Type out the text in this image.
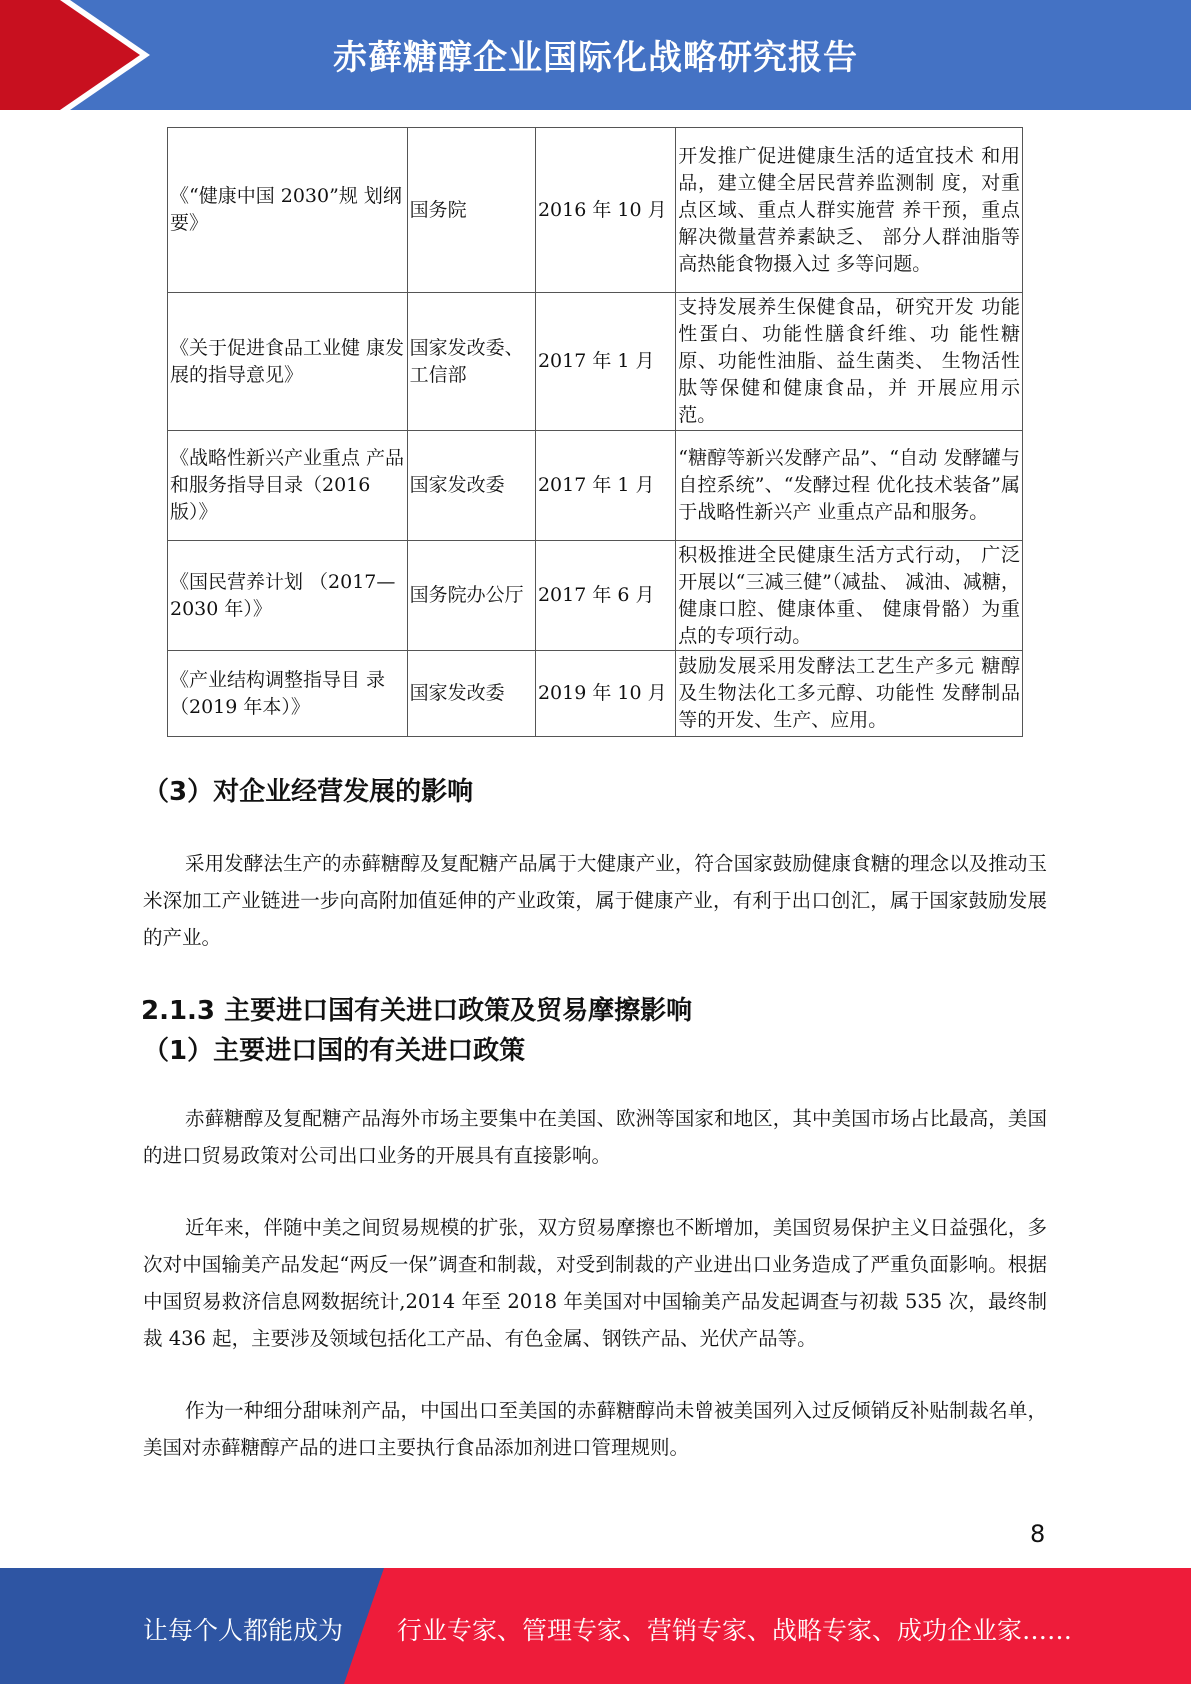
赤藓糖醇企业国际化战略研究报告
《“健康中国 2030”规 划纲要》	国务院	2016 年 10 月	开发推广促进健康生活的适宜技术 和用品，建立健全居民营养监测制 度，对重点区域、重点人群实施营 养干预，重点解决微量营养素缺乏、 部分人群油脂等高热能食物摄入过 多等问题。
《关于促进食品工业健 康发展的指导意见》	国家发改委、工信部	2017 年 1 月	支持发展养生保健食品，研究开发 功能性蛋白、功能性膳食纤维、功 能性糖原、功能性油脂、益生菌类、 生物活性肽等保健和健康食品，并 开展应用示范。
《战略性新兴产业重点 产品和服务指导目录（2016 版）》	国家发改委	2017 年 1 月	“糖醇等新兴发酵产品”、“自动 发酵罐与自控系统”、“发酵过程 优化技术装备”属于战略性新兴产 业重点产品和服务。
《国民营养计划 （2017—2030 年）》	国务院办公厅	2017 年 6 月	积极推进全民健康生活方式行动， 广泛开展以“三减三健”（减盐、 减油、减糖，健康口腔、健康体重、 健康骨骼）为重点的专项行动。
《产业结构调整指导目 录（2019 年本）》	国家发改委	2019 年 10 月	鼓励发展采用发酵法工艺生产多元 糖醇及生物法化工多元醇、功能性 发酵制品等的开发、生产、应用。
（3）对企业经营发展的影响
采用发酵法生产的赤藓糖醇及复配糖产品属于大健康产业，符合国家鼓励健康食糖的理念以及推动玉米深加工产业链进一步向高附加值延伸的产业政策，属于健康产业，有利于出口创汇，属于国家鼓励发展的产业。
2.1.3 主要进口国有关进口政策及贸易摩擦影响
（1）主要进口国的有关进口政策
赤藓糖醇及复配糖产品海外市场主要集中在美国、欧洲等国家和地区，其中美国市场占比最高，美国的进口贸易政策对公司出口业务的开展具有直接影响。
近年来，伴随中美之间贸易规模的扩张，双方贸易摩擦也不断增加，美国贸易保护主义日益强化，多次对中国输美产品发起“两反一保”调查和制裁，对受到制裁的产业进出口业务造成了严重负面影响。根据中国贸易救济信息网数据统计,2014 年至 2018 年美国对中国输美产品发起调查与初裁 535 次，最终制裁 436 起，主要涉及领域包括化工产品、有色金属、钢铁产品、光伏产品等。
作为一种细分甜味剂产品，中国出口至美国的赤藓糖醇尚未曾被美国列入过反倾销反补贴制裁名单，美国对赤藓糖醇产品的进口主要执行食品添加剂进口管理规则。
8
让每个人都能成为 行业专家、管理专家、营销专家、战略专家、成功企业家……
